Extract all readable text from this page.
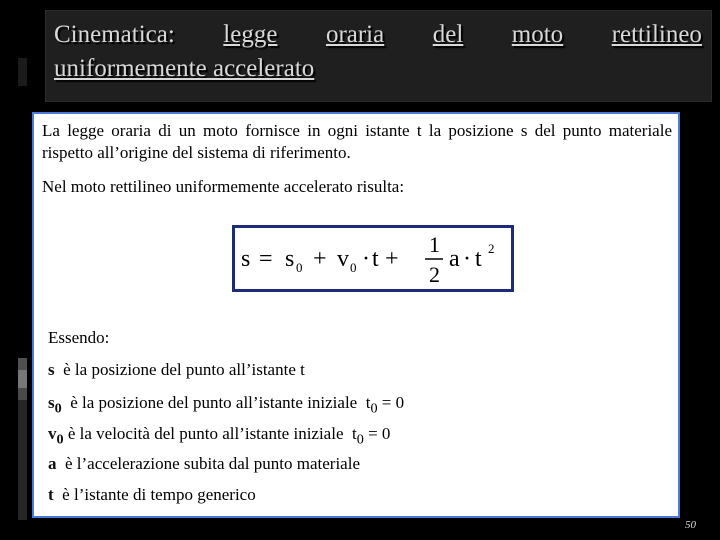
Cinematica: legge oraria del moto rettilineo
uniformemente accelerato

La legge oraria di un moto fornisce in ogni istante t la posizione s del punto materiale rispetto all’origine del sistema di riferimento.

Nel moto rettilineo uniformemente accelerato risulta:

s = s 0 + v 0 · t +
1
2
a · t 2

Essendo:

s è la posizione del punto all’istante t

$s_0$ è la posizione del punto all’istante iniziale $t_0 = 0$

$v_0$ è la velocità del punto all’istante iniziale $t_0 = 0$

a è l’accelerazione subita dal punto materiale

t è l’istante di tempo generico

50
